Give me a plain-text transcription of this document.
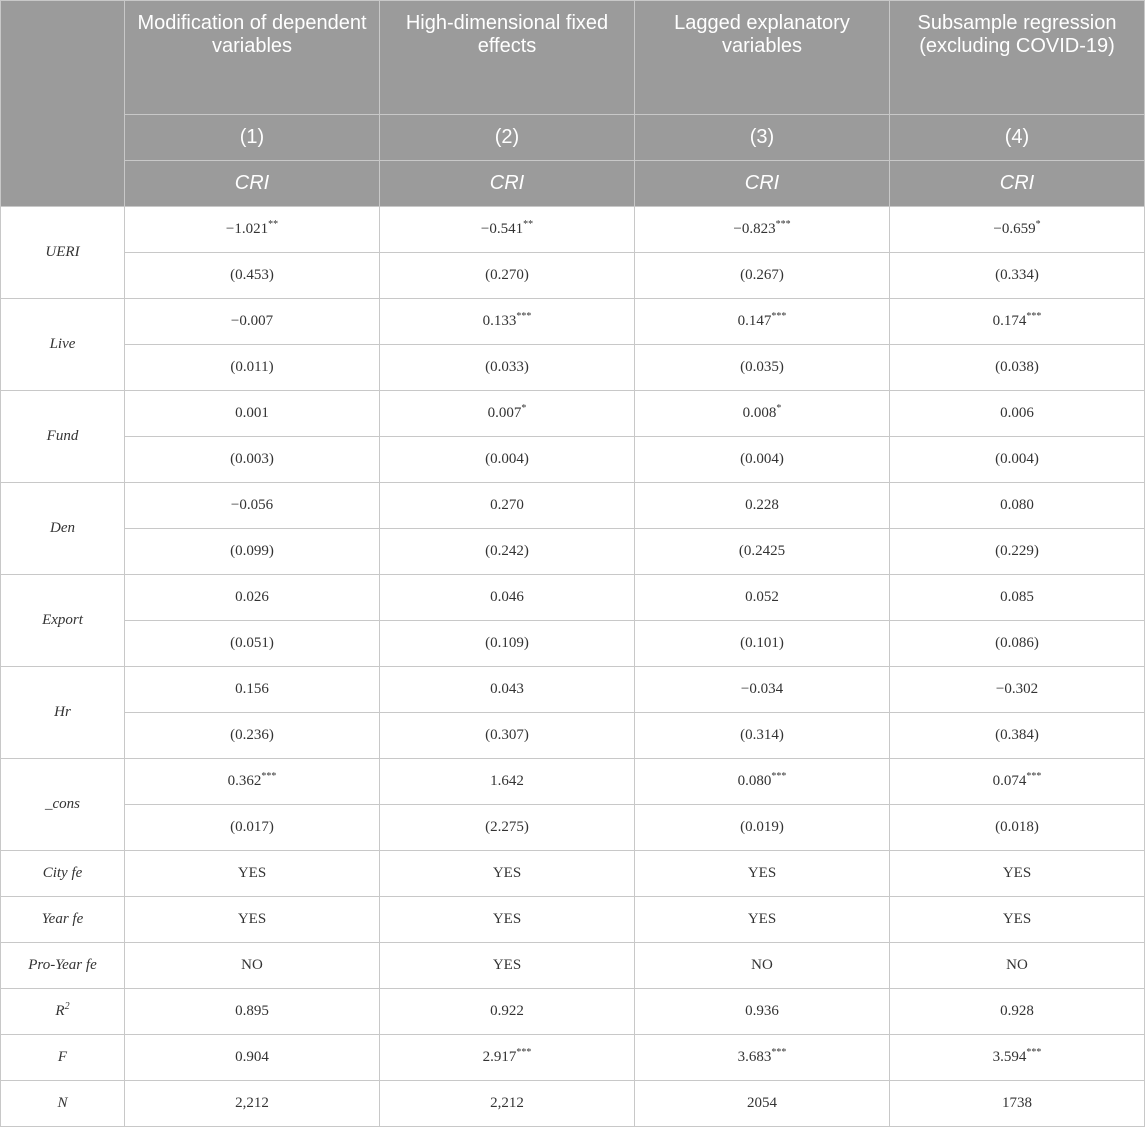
	Modification of dependent variables	High-dimensional fixed effects	Lagged explanatory variables	Subsample regression (excluding COVID-19)
	(1)	(2)	(3)	(4)
	CRI	CRI	CRI	CRI
UERI	−1.021**	−0.541**	−0.823***	−0.659*
	(0.453)	(0.270)	(0.267)	(0.334)
Live	−0.007	0.133***	0.147***	0.174***
	(0.011)	(0.033)	(0.035)	(0.038)
Fund	0.001	0.007*	0.008*	0.006
	(0.003)	(0.004)	(0.004)	(0.004)
Den	−0.056	0.270	0.228	0.080
	(0.099)	(0.242)	(0.2425	(0.229)
Export	0.026	0.046	0.052	0.085
	(0.051)	(0.109)	(0.101)	(0.086)
Hr	0.156	0.043	−0.034	−0.302
	(0.236)	(0.307)	(0.314)	(0.384)
_cons	0.362***	1.642	0.080***	0.074***
	(0.017)	(2.275)	(0.019)	(0.018)
City fe	YES	YES	YES	YES
Year fe	YES	YES	YES	YES
Pro-Year fe	NO	YES	NO	NO
$R^2$	0.895	0.922	0.936	0.928
F	0.904	2.917***	3.683***	3.594***
N	2,212	2,212	2054	1738
